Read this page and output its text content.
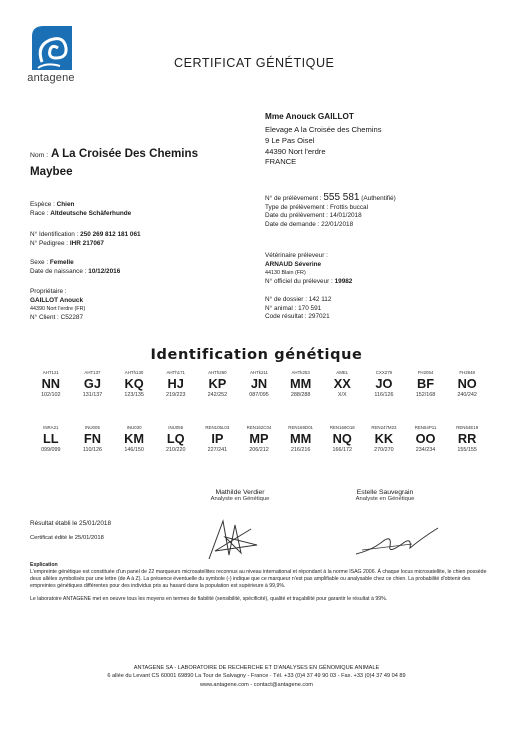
antagene
CERTIFICAT GÉNÉTIQUE
Mme Anouck GAILLOT
Elevage A la Croisée des Chemins
9 Le Pas Oisel
44390 Nort l'erdre
FRANCE
Nom : A La Croisée Des Chemins
Maybee
Espèce : Chien
Race : Altdeutsche Schäferhunde
N° Identification : 250 269 812 181 061
N° Pedigree : IHR 217067
Sexe : Femelle
Date de naissance : 10/12/2016
Propriétaire :
GAILLOT Anouck
44390 Nort l'erdre (FR)
N° Client : C52287
N° de prélèvement : 555 581 (Authentifié)
Type de prélèvement : Frottis buccal
Date du prélèvement : 14/01/2018
Date de demande : 22/01/2018
Vétérinaire préleveur :
ARNAUD Séverine
44130 Blain (FR)
N° officiel du préleveur : 19982
N° de dossier : 142 112
N° animal : 170 591
Code résultat : 297021
Identification génétique
AHT121
NN
102/102
AHT137
GJ
131/137
AHTh130
KQ
123/135
AHTh171
HJ
219/223
AHTh260
KP
242/252
AHTk211
JN
087/095
AHTk253
MM
288/288
AMEL
XX
X/X
CXX279
JO
116/126
FH2054
BF
152/168
FH2848
NO
240/242
INRA21
LL
099/099
INU005
FN
110/126
INU030
KM
146/150
INU055
LQ
210/220
REN105L03
IP
227/241
REN162C04
MP
206/212
REN169D01
MM
216/216
REN169O18
NQ
166/172
REN247M23
KK
270/270
REN54P11
OO
234/234
REN64E19
RR
155/155
Mathilde Verdier
Analyste en Génétique
Estelle Sauvegrain
Analyste en Génétique
Résultat établi le 25/01/2018
Certificat édité le 25/01/2018
Explication
L'empreinte génétique est constituée d'un panel de 22 marqueurs microsatellites reconnus au niveau international et répondant à la norme ISAG 2006. À chaque locus microsatellite, le chien possède deux allèles symbolisés par une lettre (de A à Z). La présence éventuelle du symbole (-) indique que ce marqueur n'est pas amplifiable ou analysable chez ce chien. La probabilité d'obtenir des empreintes génétiques différentes pour des individus pris au hasard dans la population est supérieure à 99,9%.
Le laboratoire ANTAGENE met en oeuvre tous les moyens en termes de fiabilité (sensibilité, spécificité), qualité et traçabilité pour garantir le résultat à 99%.
ANTAGENE SA - LABORATOIRE DE RECHERCHE ET D'ANALYSES EN GÉNOMIQUE ANIMALE
6 allée du Levant CS 60001 69890 La Tour de Salvagny - France · Tél. +33 (0)4 37 49 90 03 - Fax. +33 (0)4 37 49 04 89
www.antagene.com - contact@antagene.com
